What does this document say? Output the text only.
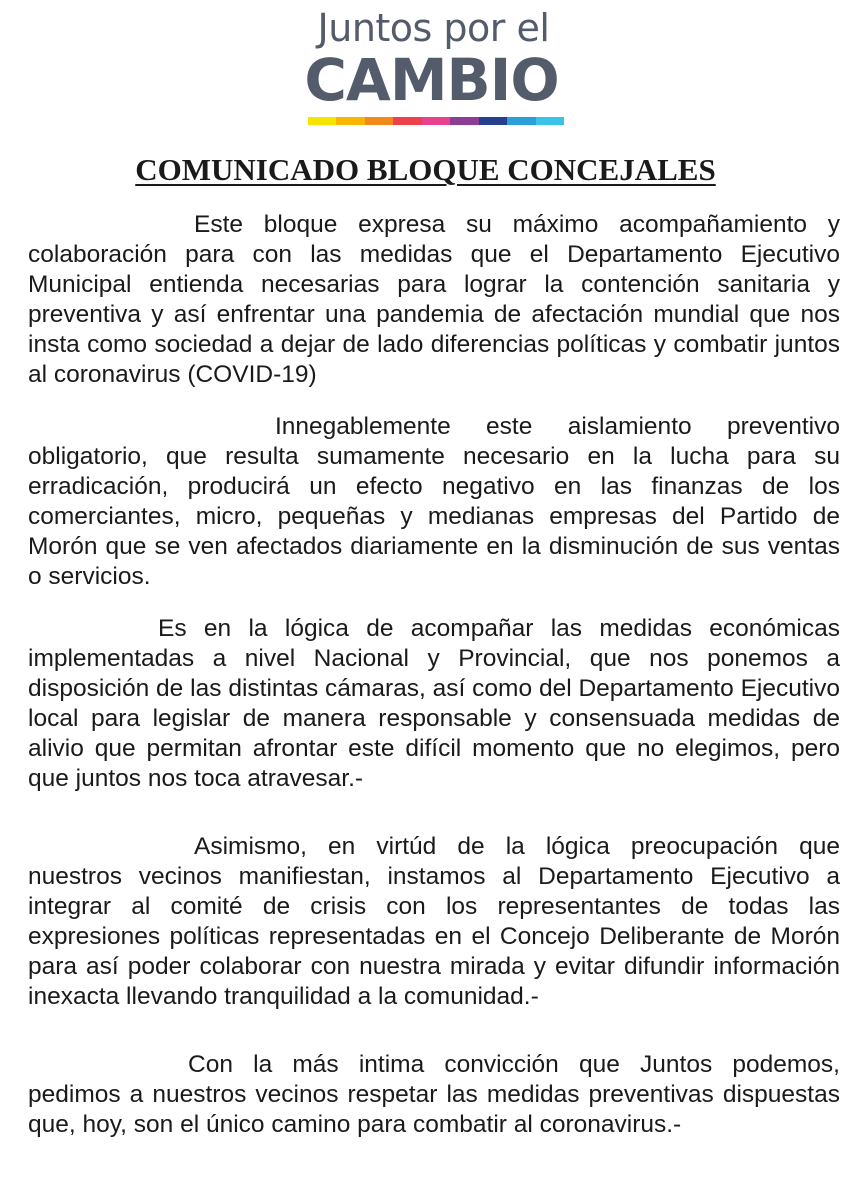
Juntos por el
CAMBIO
COMUNICADO BLOQUE CONCEJALES

Este bloque expresa su máximo acompañamiento y colaboración para con las medidas que el Departamento Ejecutivo Municipal entienda necesarias para lograr la contención sanitaria y preventiva y así enfrentar una pandemia de afectación mundial que nos insta como sociedad a dejar de lado diferencias políticas y combatir juntos al coronavirus (COVID-19)

Innegablemente este aislamiento preventivo obligatorio, que resulta sumamente necesario en la lucha para su erradicación, producirá un efecto negativo en las finanzas de los comerciantes, micro, pequeñas y medianas empresas del Partido de Morón que se ven afectados diariamente en la disminución de sus ventas o servicios.

Es en la lógica de acompañar las medidas económicas implementadas a nivel Nacional y Provincial, que nos ponemos a disposición de las distintas cámaras, así como del Departamento Ejecutivo local para legislar de manera responsable y consensuada medidas de alivio que permitan afrontar este difícil momento que no elegimos, pero que juntos nos toca atravesar.-

Asimismo, en virtúd de la lógica preocupación que nuestros vecinos manifiestan, instamos al Departamento Ejecutivo a integrar al comité de crisis con los representantes de todas las expresiones políticas representadas en el Concejo Deliberante de Morón para así poder colaborar con nuestra mirada y evitar difundir información inexacta llevando tranquilidad a la comunidad.-

Con la más intima convicción que Juntos podemos, pedimos a nuestros vecinos respetar las medidas preventivas dispuestas que, hoy, son el único camino para combatir al coronavirus.-
